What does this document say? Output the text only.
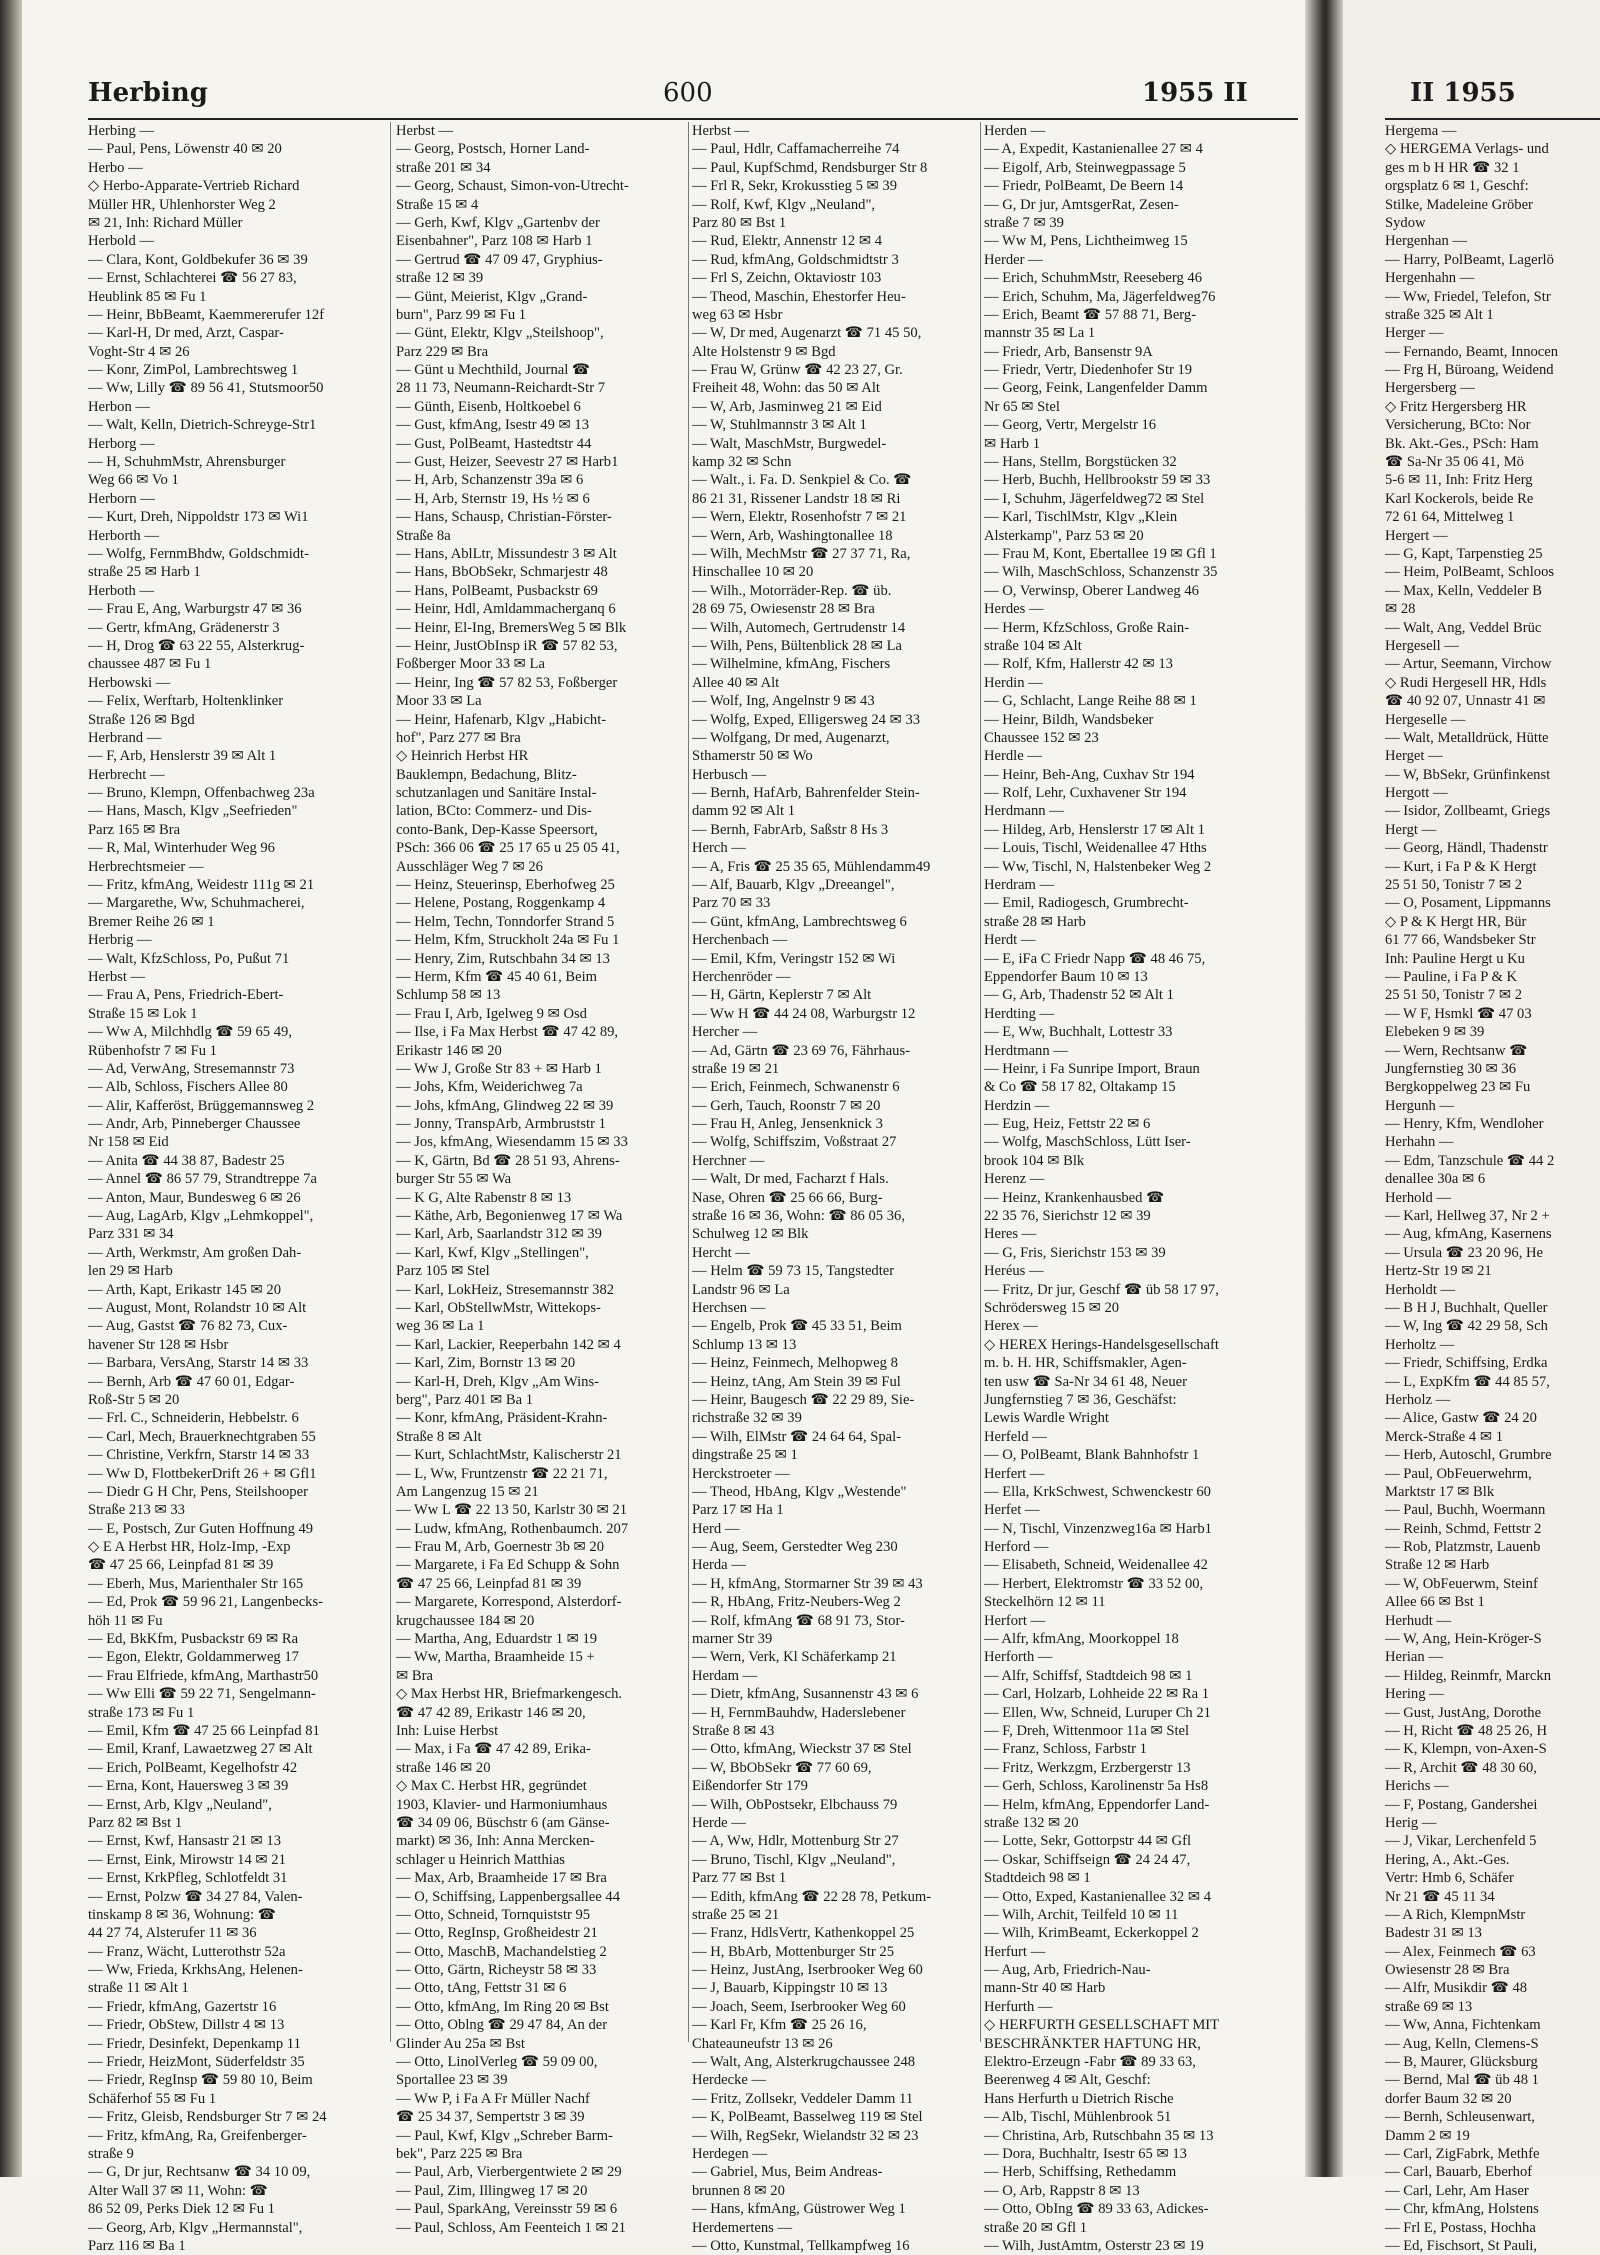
Herbing	600	1955 II	II 1955
Herbing —
— Paul, Pens, Löwenstr 40 ✉ 20
Herbo —
◇ Herbo-Apparate-Vertrieb Richard
Müller HR, Uhlenhorster Weg 2
✉ 21, Inh: Richard Müller
Herbold —
— Clara, Kont, Goldbekufer 36 ✉ 39
— Ernst, Schlachterei ☎ 56 27 83,
Heublink 85 ✉ Fu 1
— Heinr, BbBeamt, Kaemmererufer 12f
— Karl-H, Dr med, Arzt, Caspar-
Voght-Str 4 ✉ 26
— Konr, ZimPol, Lambrechtsweg 1
— Ww, Lilly ☎ 89 56 41, Stutsmoor50
Herbon —
— Walt, Kelln, Dietrich-Schreyge-Str1
Herborg —
— H, SchuhmMstr, Ahrensburger
Weg 66 ✉ Vo 1
Herborn —
— Kurt, Dreh, Nippoldstr 173 ✉ Wi1
Herborth —
— Wolfg, FernmBhdw, Goldschmidt-
straße 25 ✉ Harb 1
Herboth —
— Frau E, Ang, Warburgstr 47 ✉ 36
— Gertr, kfmAng, Grädenerstr 3
— H, Drog ☎ 63 22 55, Alsterkrug-
chaussee 487 ✉ Fu 1
Herbowski —
— Felix, Werftarb, Holtenklinker
Straße 126 ✉ Bgd
Herbrand —
— F, Arb, Henslerstr 39 ✉ Alt 1
Herbrecht —
— Bruno, Klempn, Offenbachweg 23a
— Hans, Masch, Klgv „Seefrieden"
Parz 165 ✉ Bra
— R, Mal, Winterhuder Weg 96
Herbrechtsmeier —
— Fritz, kfmAng, Weidestr 111g ✉ 21
— Margarethe, Ww, Schuhmacherei,
Bremer Reihe 26 ✉ 1
Herbrig —
— Walt, KfzSchloss, Po, Pußut 71
Herbst —
— Frau A, Pens, Friedrich-Ebert-
Straße 15 ✉ Lok 1
— Ww A, Milchhdlg ☎ 59 65 49,
Rübenhofstr 7 ✉ Fu 1
— Ad, VerwAng, Stresemannstr 73
— Alb, Schloss, Fischers Allee 80
— Alir, Kafferöst, Brüggemannsweg 2
— Andr, Arb, Pinneberger Chaussee
Nr 158 ✉ Eid
— Anita ☎ 44 38 87, Badestr 25
— Annel ☎ 86 57 79, Strandtreppe 7a
— Anton, Maur, Bundesweg 6 ✉ 26
— Aug, LagArb, Klgv „Lehmkoppel",
Parz 331 ✉ 34
— Arth, Werkmstr, Am großen Dah-
len 29 ✉ Harb
— Arth, Kapt, Erikastr 145 ✉ 20
— August, Mont, Rolandstr 10 ✉ Alt
— Aug, Gastst ☎ 76 82 73, Cux-
havener Str 128 ✉ Hsbr
— Barbara, VersAng, Starstr 14 ✉ 33
— Bernh, Arb ☎ 47 60 01, Edgar-
Roß-Str 5 ✉ 20
— Frl. C., Schneiderin, Hebbelstr. 6
— Carl, Mech, Brauerknechtgraben 55
— Christine, Verkfrn, Starstr 14 ✉ 33
— Ww D, FlottbekerDrift 26 + ✉ Gfl1
— Diedr G H Chr, Pens, Steilshooper
Straße 213 ✉ 33
— E, Postsch, Zur Guten Hoffnung 49
◇ E A Herbst HR, Holz-Imp, -Exp
☎ 47 25 66, Leinpfad 81 ✉ 39
— Eberh, Mus, Marienthaler Str 165
— Ed, Prok ☎ 59 96 21, Langenbecks-
höh 11 ✉ Fu
— Ed, BkKfm, Pusbackstr 69 ✉ Ra
— Egon, Elektr, Goldammerweg 17
— Frau Elfriede, kfmAng, Marthastr50
— Ww Elli ☎ 59 22 71, Sengelmann-
straße 173 ✉ Fu 1
— Emil, Kfm ☎ 47 25 66 Leinpfad 81
— Emil, Kranf, Lawaetzweg 27 ✉ Alt
— Erich, PolBeamt, Kegelhofstr 42
— Erna, Kont, Hauersweg 3 ✉ 39
— Ernst, Arb, Klgv „Neuland",
Parz 82 ✉ Bst 1
— Ernst, Kwf, Hansastr 21 ✉ 13
— Ernst, Eink, Mirowstr 14 ✉ 21
— Ernst, KrkPfleg, Schlotfeldt 31
— Ernst, Polzw ☎ 34 27 84, Valen-
tinskamp 8 ✉ 36, Wohnung: ☎
44 27 74, Alsterufer 11 ✉ 36
— Franz, Wächt, Lutterothstr 52a
— Ww, Frieda, KrkhsAng, Helenen-
straße 11 ✉ Alt 1
— Friedr, kfmAng, Gazertstr 16
— Friedr, ObStew, Dillstr 4 ✉ 13
— Friedr, Desinfekt, Depenkamp 11
— Friedr, HeizMont, Süderfeldstr 35
— Friedr, RegInsp ☎ 59 80 10, Beim
Schäferhof 55 ✉ Fu 1
— Fritz, Gleisb, Rendsburger Str 7 ✉ 24
— Fritz, kfmAng, Ra, Greifenberger-
straße 9
— G, Dr jur, Rechtsanw ☎ 34 10 09,
Alter Wall 37 ✉ 11, Wohn: ☎
86 52 09, Perks Diek 12 ✉ Fu 1
— Georg, Arb, Klgv „Hermannstal",
Parz 116 ✉ Ba 1
Herbst —
— Georg, Postsch, Horner Land-
straße 201 ✉ 34
— Georg, Schaust, Simon-von-Utrecht-
Straße 15 ✉ 4
— Gerh, Kwf, Klgv „Gartenbv der
Eisenbahner", Parz 108 ✉ Harb 1
— Gertrud ☎ 47 09 47, Gryphius-
straße 12 ✉ 39
— Günt, Meierist, Klgv „Grand-
burn", Parz 99 ✉ Fu 1
— Günt, Elektr, Klgv „Steilshoop",
Parz 229 ✉ Bra
— Günt u Mechthild, Journal ☎
28 11 73, Neumann-Reichardt-Str 7
— Günth, Eisenb, Holtkoebel 6
— Gust, kfmAng, Isestr 49 ✉ 13
— Gust, PolBeamt, Hastedtstr 44
— Gust, Heizer, Seevestr 27 ✉ Harb1
— H, Arb, Schanzenstr 39a ✉ 6
— H, Arb, Sternstr 19, Hs ½ ✉ 6
— Hans, Schausp, Christian-Förster-
Straße 8a
— Hans, AblLtr, Missundestr 3 ✉ Alt
— Hans, BbObSekr, Schmarjestr 48
— Hans, PolBeamt, Pusbackstr 69
— Heinr, Hdl, Amldammacherganq 6
— Heinr, El-Ing, BremersWeg 5 ✉ Blk
— Heinr, JustObInsp iR ☎ 57 82 53,
Foßberger Moor 33 ✉ La
— Heinr, Ing ☎ 57 82 53, Foßberger
Moor 33 ✉ La
— Heinr, Hafenarb, Klgv „Habicht-
hof", Parz 277 ✉ Bra
◇ Heinrich Herbst HR
Bauklempn, Bedachung, Blitz-
schutzanlagen und Sanitäre Instal-
lation, BCto: Commerz- und Dis-
conto-Bank, Dep-Kasse Speersort,
PSch: 366 06 ☎ 25 17 65 u 25 05 41,
Ausschläger Weg 7 ✉ 26
— Heinz, Steuerinsp, Eberhofweg 25
— Helene, Postang, Roggenkamp 4
— Helm, Techn, Tonndorfer Strand 5
— Helm, Kfm, Struckholt 24a ✉ Fu 1
— Henry, Zim, Rutschbahn 34 ✉ 13
— Herm, Kfm ☎ 45 40 61, Beim
Schlump 58 ✉ 13
— Frau I, Arb, Igelweg 9 ✉ Osd
— Ilse, i Fa Max Herbst ☎ 47 42 89,
Erikastr 146 ✉ 20
— Ww J, Große Str 83 + ✉ Harb 1
— Johs, Kfm, Weiderichweg 7a
— Johs, kfmAng, Glindweg 22 ✉ 39
— Jonny, TranspArb, Armbruststr 1
— Jos, kfmAng, Wiesendamm 15 ✉ 33
— K, Gärtn, Bd ☎ 28 51 93, Ahrens-
burger Str 55 ✉ Wa
— K G, Alte Rabenstr 8 ✉ 13
— Käthe, Arb, Begonienweg 17 ✉ Wa
— Karl, Arb, Saarlandstr 312 ✉ 39
— Karl, Kwf, Klgv „Stellingen",
Parz 105 ✉ Stel
— Karl, LokHeiz, Stresemannstr 382
— Karl, ObStellwMstr, Wittekops-
weg 36 ✉ La 1
— Karl, Lackier, Reeperbahn 142 ✉ 4
— Karl, Zim, Bornstr 13 ✉ 20
— Karl-H, Dreh, Klgv „Am Wins-
berg", Parz 401 ✉ Ba 1
— Konr, kfmAng, Präsident-Krahn-
Straße 8 ✉ Alt
— Kurt, SchlachtMstr, Kalischerstr 21
— L, Ww, Fruntzenstr ☎ 22 21 71,
Am Langenzug 15 ✉ 21
— Ww L ☎ 22 13 50, Karlstr 30 ✉ 21
— Ludw, kfmAng, Rothenbaumch. 207
— Frau M, Arb, Goernestr 3b ✉ 20
— Margarete, i Fa Ed Schupp & Sohn
☎ 47 25 66, Leinpfad 81 ✉ 39
— Margarete, Korrespond, Alsterdorf-
krugchaussee 184 ✉ 20
— Martha, Ang, Eduardstr 1 ✉ 19
— Ww, Martha, Braamheide 15 +
✉ Bra
◇ Max Herbst HR, Briefmarkengesch.
☎ 47 42 89, Erikastr 146 ✉ 20,
Inh: Luise Herbst
— Max, i Fa ☎ 47 42 89, Erika-
straße 146 ✉ 20
◇ Max C. Herbst HR, gegründet
1903, Klavier- und Harmoniumhaus
☎ 34 09 06, Büschstr 6 (am Gänse-
markt) ✉ 36, Inh: Anna Mercken-
schlager u Heinrich Matthias
— Max, Arb, Braamheide 17 ✉ Bra
— O, Schiffsing, Lappenbergsallee 44
— Otto, Schneid, Tornquiststr 95
— Otto, RegInsp, Großheidestr 21
— Otto, MaschB, Machandelstieg 2
— Otto, Gärtn, Richeystr 58 ✉ 33
— Otto, tAng, Fettstr 31 ✉ 6
— Otto, kfmAng, Im Ring 20 ✉ Bst
— Otto, Oblng ☎ 29 47 84, An der
Glinder Au 25a ✉ Bst
— Otto, LinolVerleg ☎ 59 09 00,
Sportallee 23 ✉ 39
— Ww P, i Fa A Fr Müller Nachf
☎ 25 34 37, Sempertstr 3 ✉ 39
— Paul, Kwf, Klgv „Schreber Barm-
bek", Parz 225 ✉ Bra
— Paul, Arb, Vierbergentwiete 2 ✉ 29
— Paul, Zim, Illingweg 17 ✉ 20
— Paul, SparkAng, Vereinsstr 59 ✉ 6
— Paul, Schloss, Am Feenteich 1 ✉ 21
Herbst —
— Paul, Hdlr, Caffamacherreihe 74
— Paul, KupfSchmd, Rendsburger Str 8
— Frl R, Sekr, Krokusstieg 5 ✉ 39
— Rolf, Kwf, Klgv „Neuland",
Parz 80 ✉ Bst 1
— Rud, Elektr, Annenstr 12 ✉ 4
— Rud, kfmAng, Goldschmidtstr 3
— Frl S, Zeichn, Oktaviostr 103
— Theod, Maschin, Ehestorfer Heu-
weg 63 ✉ Hsbr
— W, Dr med, Augenarzt ☎ 71 45 50,
Alte Holstenstr 9 ✉ Bgd
— Frau W, Grünw ☎ 42 23 27, Gr.
Freiheit 48, Wohn: das 50 ✉ Alt
— W, Arb, Jasminweg 21 ✉ Eid
— W, Stuhlmannstr 3 ✉ Alt 1
— Walt, MaschMstr, Burgwedel-
kamp 32 ✉ Schn
— Walt., i. Fa. D. Senkpiel & Co. ☎
86 21 31, Rissener Landstr 18 ✉ Ri
— Wern, Elektr, Rosenhofstr 7 ✉ 21
— Wern, Arb, Washingtonallee 18
— Wilh, MechMstr ☎ 27 37 71, Ra,
Hinschallee 10 ✉ 20
— Wilh., Motorräder-Rep. ☎ üb.
28 69 75, Owiesenstr 28 ✉ Bra
— Wilh, Automech, Gertrudenstr 14
— Wilh, Pens, Bültenblick 28 ✉ La
— Wilhelmine, kfmAng, Fischers
Allee 40 ✉ Alt
— Wolf, Ing, Angelnstr 9 ✉ 43
— Wolfg, Exped, Elligersweg 24 ✉ 33
— Wolfgang, Dr med, Augenarzt,
Sthamerstr 50 ✉ Wo
Herbusch —
— Bernh, HafArb, Bahrenfelder Stein-
damm 92 ✉ Alt 1
— Bernh, FabrArb, Saßstr 8 Hs 3
Herch —
— A, Fris ☎ 25 35 65, Mühlendamm49
— Alf, Bauarb, Klgv „Dreeangel",
Parz 70 ✉ 33
— Günt, kfmAng, Lambrechtsweg 6
Herchenbach —
— Emil, Kfm, Veringstr 152 ✉ Wi
Herchenröder —
— H, Gärtn, Keplerstr 7 ✉ Alt
— Ww H ☎ 44 24 08, Warburgstr 12
Hercher —
— Ad, Gärtn ☎ 23 69 76, Fährhaus-
straße 19 ✉ 21
— Erich, Feinmech, Schwanenstr 6
— Gerh, Tauch, Roonstr 7 ✉ 20
— Frau H, Anleg, Jensenknick 3
— Wolfg, Schiffszim, Voßstraat 27
Herchner —
— Walt, Dr med, Facharzt f Hals.
Nase, Ohren ☎ 25 66 66, Burg-
straße 16 ✉ 36, Wohn: ☎ 86 05 36,
Schulweg 12 ✉ Blk
Hercht —
— Helm ☎ 59 73 15, Tangstedter
Landstr 96 ✉ La
Herchsen —
— Engelb, Prok ☎ 45 33 51, Beim
Schlump 13 ✉ 13
— Heinz, Feinmech, Melhopweg 8
— Heinz, tAng, Am Stein 39 ✉ Ful
— Heinr, Baugesch ☎ 22 29 89, Sie-
richstraße 32 ✉ 39
— Wilh, ElMstr ☎ 24 64 64, Spal-
dingstraße 25 ✉ 1
Herckstroeter —
— Theod, HbAng, Klgv „Westende"
Parz 17 ✉ Ha 1
Herd —
— Aug, Seem, Gerstedter Weg 230
Herda —
— H, kfmAng, Stormarner Str 39 ✉ 43
— R, HbAng, Fritz-Neubers-Weg 2
— Rolf, kfmAng ☎ 68 91 73, Stor-
marner Str 39
— Wern, Verk, Kl Schäferkamp 21
Herdam —
— Dietr, kfmAng, Susannenstr 43 ✉ 6
— H, FernmBauhdw, Haderslebener
Straße 8 ✉ 43
— Otto, kfmAng, Wieckstr 37 ✉ Stel
— W, BbObSekr ☎ 77 60 69,
Eißendorfer Str 179
— Wilh, ObPostsekr, Elbchauss 79
Herde —
— A, Ww, Hdlr, Mottenburg Str 27
— Bruno, Tischl, Klgv „Neuland",
Parz 77 ✉ Bst 1
— Edith, kfmAng ☎ 22 28 78, Petkum-
straße 25 ✉ 21
— Franz, HdlsVertr, Kathenkoppel 25
— H, BbArb, Mottenburger Str 25
— Heinz, JustAng, Iserbrooker Weg 60
— J, Bauarb, Kippingstr 10 ✉ 13
— Joach, Seem, Iserbrooker Weg 60
— Karl Fr, Kfm ☎ 25 26 16,
Chateauneufstr 13 ✉ 26
— Walt, Ang, Alsterkrugchaussee 248
Herdecke —
— Fritz, Zollsekr, Veddeler Damm 11
— K, PolBeamt, Basselweg 119 ✉ Stel
— Wilh, RegSekr, Wielandstr 32 ✉ 23
Herdegen —
— Gabriel, Mus, Beim Andreas-
brunnen 8 ✉ 20
— Hans, kfmAng, Güstrower Weg 1
Herdemertens —
— Otto, Kunstmal, Tellkampfweg 16
Herden —
— A, Expedit, Kastanienallee 27 ✉ 4
— Eigolf, Arb, Steinwegpassage 5
— Friedr, PolBeamt, De Beern 14
— G, Dr jur, AmtsgerRat, Zesen-
straße 7 ✉ 39
— Ww M, Pens, Lichtheimweg 15
Herder —
— Erich, SchuhmMstr, Reeseberg 46
— Erich, Schuhm, Ma, Jägerfeldweg76
— Erich, Beamt ☎ 57 88 71, Berg-
mannstr 35 ✉ La 1
— Friedr, Arb, Bansenstr 9A
— Friedr, Vertr, Diedenhofer Str 19
— Georg, Feink, Langenfelder Damm
Nr 65 ✉ Stel
— Georg, Vertr, Mergelstr 16
✉ Harb 1
— Hans, Stellm, Borgstücken 32
— Herb, Buchh, Hellbrookstr 59 ✉ 33
— I, Schuhm, Jägerfeldweg72 ✉ Stel
— Karl, TischlMstr, Klgv „Klein
Alsterkamp", Parz 53 ✉ 20
— Frau M, Kont, Ebertallee 19 ✉ Gfl 1
— Wilh, MaschSchloss, Schanzenstr 35
— O, Verwinsp, Oberer Landweg 46
Herdes —
— Herm, KfzSchloss, Große Rain-
straße 104 ✉ Alt
— Rolf, Kfm, Hallerstr 42 ✉ 13
Herdin —
— G, Schlacht, Lange Reihe 88 ✉ 1
— Heinr, Bildh, Wandsbeker
Chaussee 152 ✉ 23
Herdle —
— Heinr, Beh-Ang, Cuxhav Str 194
— Rolf, Lehr, Cuxhavener Str 194
Herdmann —
— Hildeg, Arb, Henslerstr 17 ✉ Alt 1
— Louis, Tischl, Weidenallee 47 Hths
— Ww, Tischl, N, Halstenbeker Weg 2
Herdram —
— Emil, Radiogesch, Grumbrecht-
straße 28 ✉ Harb
Herdt —
— E, iFa C Friedr Napp ☎ 48 46 75,
Eppendorfer Baum 10 ✉ 13
— G, Arb, Thadenstr 52 ✉ Alt 1
Herdting —
— E, Ww, Buchhalt, Lottestr 33
Herdtmann —
— Heinr, i Fa Sunripe Import, Braun
& Co ☎ 58 17 82, Oltakamp 15
Herdzin —
— Eug, Heiz, Fettstr 22 ✉ 6
— Wolfg, MaschSchloss, Lütt Iser-
brook 104 ✉ Blk
Herenz —
— Heinz, Krankenhausbed ☎
22 35 76, Sierichstr 12 ✉ 39
Heres —
— G, Fris, Sierichstr 153 ✉ 39
Heréus —
— Fritz, Dr jur, Geschf ☎ üb 58 17 97,
Schrödersweg 15 ✉ 20
Herex —
◇ HEREX Herings-Handelsgesellschaft
m. b. H. HR, Schiffsmakler, Agen-
ten usw ☎ Sa-Nr 34 61 48, Neuer
Jungfernstieg 7 ✉ 36, Geschäfst:
Lewis Wardle Wright
Herfeld —
— O, PolBeamt, Blank Bahnhofstr 1
Herfert —
— Ella, KrkSchwest, Schwenckestr 60
Herfet —
— N, Tischl, Vinzenzweg16a ✉ Harb1
Herford —
— Elisabeth, Schneid, Weidenallee 42
— Herbert, Elektromstr ☎ 33 52 00,
Steckelhörn 12 ✉ 11
Herfort —
— Alfr, kfmAng, Moorkoppel 18
Herforth —
— Alfr, Schiffsf, Stadtdeich 98 ✉ 1
— Carl, Holzarb, Lohheide 22 ✉ Ra 1
— Ellen, Ww, Schneid, Luruper Ch 21
— F, Dreh, Wittenmoor 11a ✉ Stel
— Franz, Schloss, Farbstr 1
— Fritz, Werkzgm, Erzbergerstr 13
— Gerh, Schloss, Karolinenstr 5a Hs8
— Helm, kfmAng, Eppendorfer Land-
straße 132 ✉ 20
— Lotte, Sekr, Gottorpstr 44 ✉ Gfl
— Oskar, Schiffseign ☎ 24 24 47,
Stadtdeich 98 ✉ 1
— Otto, Exped, Kastanienallee 32 ✉ 4
— Wilh, Archit, Teilfeld 10 ✉ 11
— Wilh, KrimBeamt, Eckerkoppel 2
Herfurt —
— Aug, Arb, Friedrich-Nau-
mann-Str 40 ✉ Harb
Herfurth —
◇ HERFURTH GESELLSCHAFT MIT
BESCHRÄNKTER HAFTUNG HR,
Elektro-Erzeugn -Fabr ☎ 89 33 63,
Beerenweg 4 ✉ Alt, Geschf:
Hans Herfurth u Dietrich Rische
— Alb, Tischl, Mühlenbrook 51
— Christina, Arb, Rutschbahn 35 ✉ 13
— Dora, Buchhaltr, Isestr 65 ✉ 13
— Herb, Schiffsing, Rethedamm
— O, Arb, Rappstr 8 ✉ 13
— Otto, ObIng ☎ 89 33 63, Adickes-
straße 20 ✉ Gfl 1
— Wilh, JustAmtm, Osterstr 23 ✉ 19
Hergema —
◇ HERGEMA Verlags- und
ges m b H HR ☎ 32 1
orgsplatz 6 ✉ 1, Geschf:
Stilke, Madeleine Gröber
Sydow
Hergenhan —
— Harry, PolBeamt, Lagerlö
Hergenhahn —
— Ww, Friedel, Telefon, Str
straße 325 ✉ Alt 1
Herger —
— Fernando, Beamt, Innocen
— Frg H, Büroang, Weidend
Hergersberg —
◇ Fritz Hergersberg HR
Versicherung, BCto: Nor
Bk. Akt.-Ges., PSch: Ham
☎ Sa-Nr 35 06 41, Mö
5-6 ✉ 11, Inh: Fritz Herg
Karl Kockerols, beide Re
72 61 64, Mittelweg 1
Hergert —
— G, Kapt, Tarpenstieg 25
— Heim, PolBeamt, Schloos
— Max, Kelln, Veddeler B
✉ 28
— Walt, Ang, Veddel Brüc
Hergesell —
— Artur, Seemann, Virchow
◇ Rudi Hergesell HR, Hdls
☎ 40 92 07, Unnastr 41 ✉
Hergeselle —
— Walt, Metalldrück, Hütte
Herget —
— W, BbSekr, Grünfinkenst
Hergott —
— Isidor, Zollbeamt, Griegs
Hergt —
— Georg, Händl, Thadenstr
— Kurt, i Fa P & K Hergt
25 51 50, Tonistr 7 ✉ 2
— O, Posament, Lippmanns
◇ P & K Hergt HR, Bür
61 77 66, Wandsbeker Str
Inh: Pauline Hergt u Ku
— Pauline, i Fa P & K
25 51 50, Tonistr 7 ✉ 2
— W F, Hsmkl ☎ 47 03
Elebeken 9 ✉ 39
— Wern, Rechtsanw ☎
Jungfernstieg 30 ✉ 36
Bergkoppelweg 23 ✉ Fu
Hergunh —
— Henry, Kfm, Wendloher
Herhahn —
— Edm, Tanzschule ☎ 44 2
denallee 30a ✉ 6
Herhold —
— Karl, Hellweg 37, Nr 2 +
— Aug, kfmAng, Kasernens
— Ursula ☎ 23 20 96, He
Hertz-Str 19 ✉ 21
Herholdt —
— B H J, Buchhalt, Queller
— W, Ing ☎ 42 29 58, Sch
Herholtz —
— Friedr, Schiffsing, Erdka
— L, ExpKfm ☎ 44 85 57,
Herholz —
— Alice, Gastw ☎ 24 20
Merck-Straße 4 ✉ 1
— Herb, Autoschl, Grumbre
— Paul, ObFeuerwehrm,
Marktstr 17 ✉ Blk
— Paul, Buchh, Woermann
— Reinh, Schmd, Fettstr 2
— Rob, Platzmstr, Lauenb
Straße 12 ✉ Harb
— W, ObFeuerwm, Steinf
Allee 66 ✉ Bst 1
Herhudt —
— W, Ang, Hein-Kröger-S
Herian —
— Hildeg, Reinmfr, Marckn
Hering —
— Gust, JustAng, Dorothe
— H, Richt ☎ 48 25 26, H
— K, Klempn, von-Axen-S
— R, Archit ☎ 48 30 60,
Herichs —
— F, Postang, Gandershei
Herig —
— J, Vikar, Lerchenfeld 5
Hering, A., Akt.-Ges.
Vertr: Hmb 6, Schäfer
Nr 21 ☎ 45 11 34
— A Rich, KlempnMstr
Badestr 31 ✉ 13
— Alex, Feinmech ☎ 63
Owiesenstr 28 ✉ Bra
— Alfr, Musikdir ☎ 48
straße 69 ✉ 13
— Ww, Anna, Fichtenkam
— Aug, Kelln, Clemens-S
— B, Maurer, Glücksburg
— Bernd, Mal ☎ üb 48 1
dorfer Baum 32 ✉ 20
— Bernh, Schleusenwart,
Damm 2 ✉ 19
— Carl, ZigFabrk, Methfe
— Carl, Bauarb, Eberhof
— Carl, Lehr, Am Haser
— Chr, kfmAng, Holstens
— Frl E, Postass, Hochha
— Ed, Fischsort, St Pauli,
